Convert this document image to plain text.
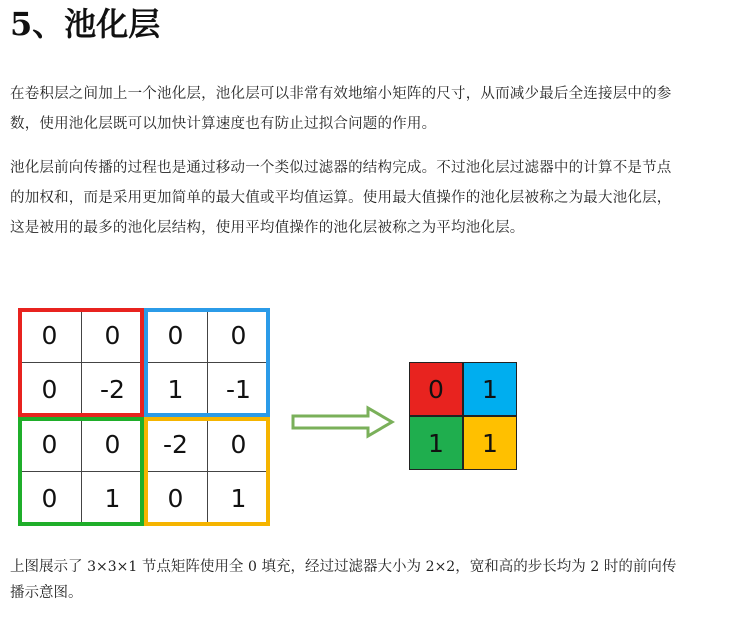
5、池化层

在卷积层之间加上一个池化层，池化层可以非常有效地缩小矩阵的尺寸，从而减少最后全连接层中的参数，使用池化层既可以加快计算速度也有防止过拟合问题的作用。

池化层前向传播的过程也是通过移动一个类似过滤器的结构完成。不过池化层过滤器中的计算不是节点的加权和，而是采用更加简单的最大值或平均值运算。使用最大值操作的池化层被称之为最大池化层，这是被用的最多的池化层结构，使用平均值操作的池化层被称之为平均池化层。

0	0	0	0
0	-2	1	-1
0	0	-2	0
0	1	0	1
0	1
1	1

上图展示了 3×3×1 节点矩阵使用全 0 填充，经过过滤器大小为 2×2，宽和高的步长均为 2 时的前向传播示意图。
